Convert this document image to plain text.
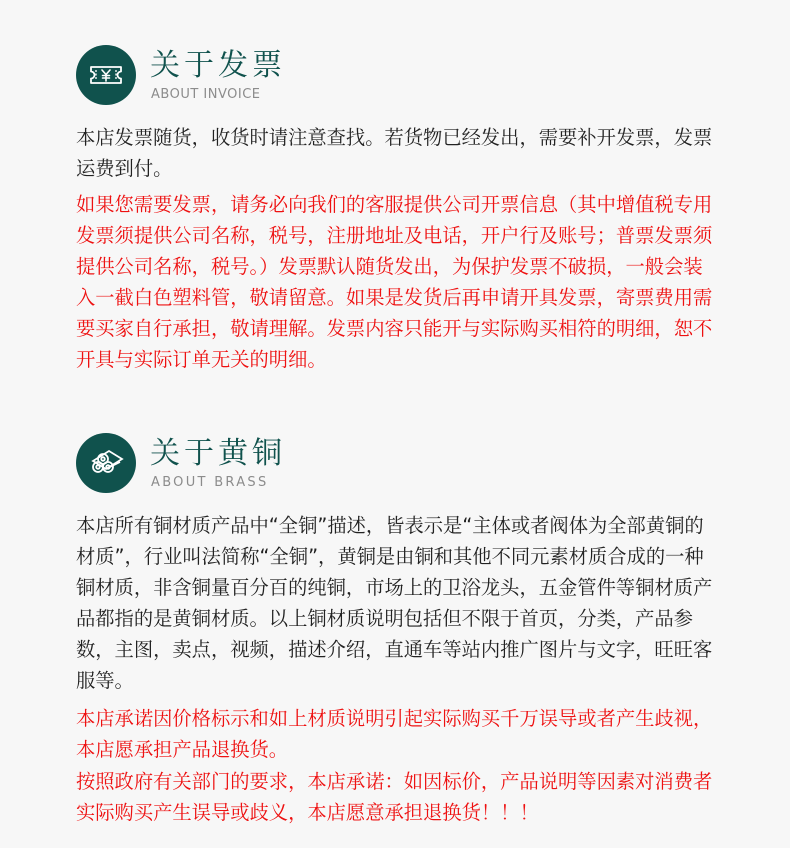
关于发票
ABOUT INVOICE

本店发票随货，收货时请注意查找。若货物已经发出，需要补开发票，发票运费到付。

如果您需要发票，请务必向我们的客服提供公司开票信息（其中增值税专用发票须提供公司名称，税号，注册地址及电话，开户行及账号；普票发票须提供公司名称，税号。）发票默认随货发出，为保护发票不破损，一般会装入一截白色塑料管，敬请留意。如果是发货后再申请开具发票，寄票费用需要买家自行承担，敬请理解。发票内容只能开与实际购买相符的明细，恕不开具与实际订单无关的明细。

关于黄铜
ABOUT BRASS

本店所有铜材质产品中“全铜”描述，皆表示是“主体或者阀体为全部黄铜的材质”，行业叫法简称“全铜”，黄铜是由铜和其他不同元素材质合成的一种铜材质，非含铜量百分百的纯铜，市场上的卫浴龙头，五金管件等铜材质产品都指的是黄铜材质。以上铜材质说明包括但不限于首页，分类，产品参数，主图，卖点，视频，描述介绍，直通车等站内推广图片与文字，旺旺客服等。

本店承诺因价格标示和如上材质说明引起实际购买千万误导或者产生歧视，本店愿承担产品退换货。

按照政府有关部门的要求，本店承诺：如因标价，产品说明等因素对消费者实际购买产生误导或歧义，本店愿意承担退换货！！！
